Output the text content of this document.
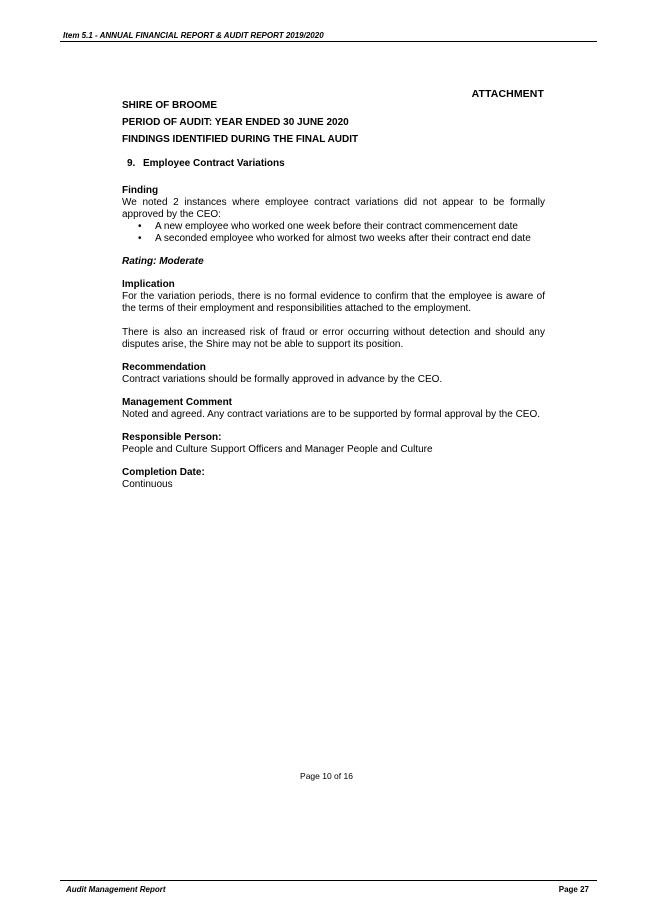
Item 5.1 - ANNUAL FINANCIAL REPORT & AUDIT REPORT 2019/2020
ATTACHMENT

SHIRE OF BROOME

PERIOD OF AUDIT: YEAR ENDED 30 JUNE 2020

FINDINGS IDENTIFIED DURING THE FINAL AUDIT

9. Employee Contract Variations

Finding

We noted 2 instances where employee contract variations did not appear to be formally approved by the CEO:

• A new employee who worked one week before their contract commencement date
• A seconded employee who worked for almost two weeks after their contract end date
Rating: Moderate

Implication

For the variation periods, there is no formal evidence to confirm that the employee is aware of the terms of their employment and responsibilities attached to the employment.

There is also an increased risk of fraud or error occurring without detection and should any disputes arise, the Shire may not be able to support its position.

Recommendation

Contract variations should be formally approved in advance by the CEO.

Management Comment

Noted and agreed. Any contract variations are to be supported by formal approval by the CEO.

Responsible Person:

People and Culture Support Officers and Manager People and Culture

Completion Date:

Continuous

Page 10 of 16
Audit Management Report	Page 27
